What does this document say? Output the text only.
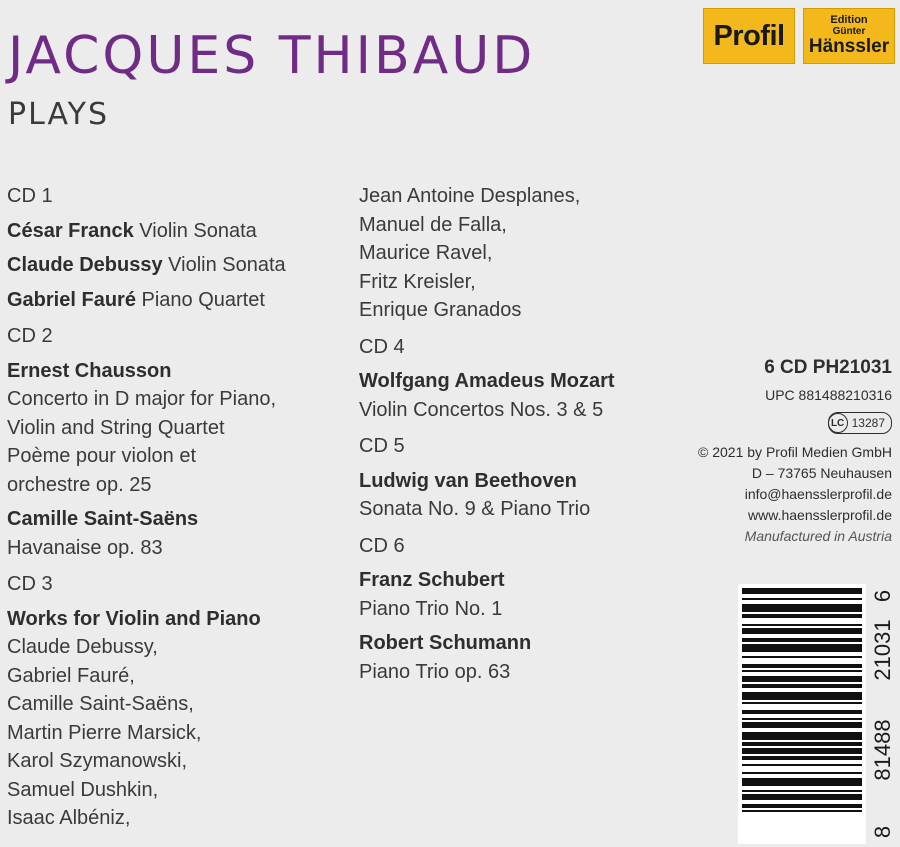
JACQUES THIBAUD
PLAYS
Profil	Edition
Günter
Hänssler
CD 1
César Franck Violin Sonata
Claude Debussy Violin Sonata
Gabriel Fauré Piano Quartet
CD 2
Ernest Chausson
Concerto in D major for Piano,
Violin and String Quartet
Poème pour violon et
orchestre op. 25
Camille Saint-Saëns
Havanaise op. 83
CD 3
Works for Violin and Piano
Claude Debussy,
Gabriel Fauré,
Camille Saint-Saëns,
Martin Pierre Marsick,
Karol Szymanowski,
Samuel Dushkin,
Isaac Albéniz,
Jean Antoine Desplanes,
Manuel de Falla,
Maurice Ravel,
Fritz Kreisler,
Enrique Granados
CD 4
Wolfgang Amadeus Mozart
Violin Concertos Nos. 3 & 5
CD 5
Ludwig van Beethoven
Sonata No. 9 & Piano Trio
CD 6
Franz Schubert
Piano Trio No. 1
Robert Schumann
Piano Trio op. 63
6 CD PH21031
UPC 881488210316
LC 13287
© 2021 by Profil Medien GmbH
D – 73765 Neuhausen
info@haensslerprofil.de
www.haensslerprofil.de
Manufactured in Austria
8
81488
21031
6
